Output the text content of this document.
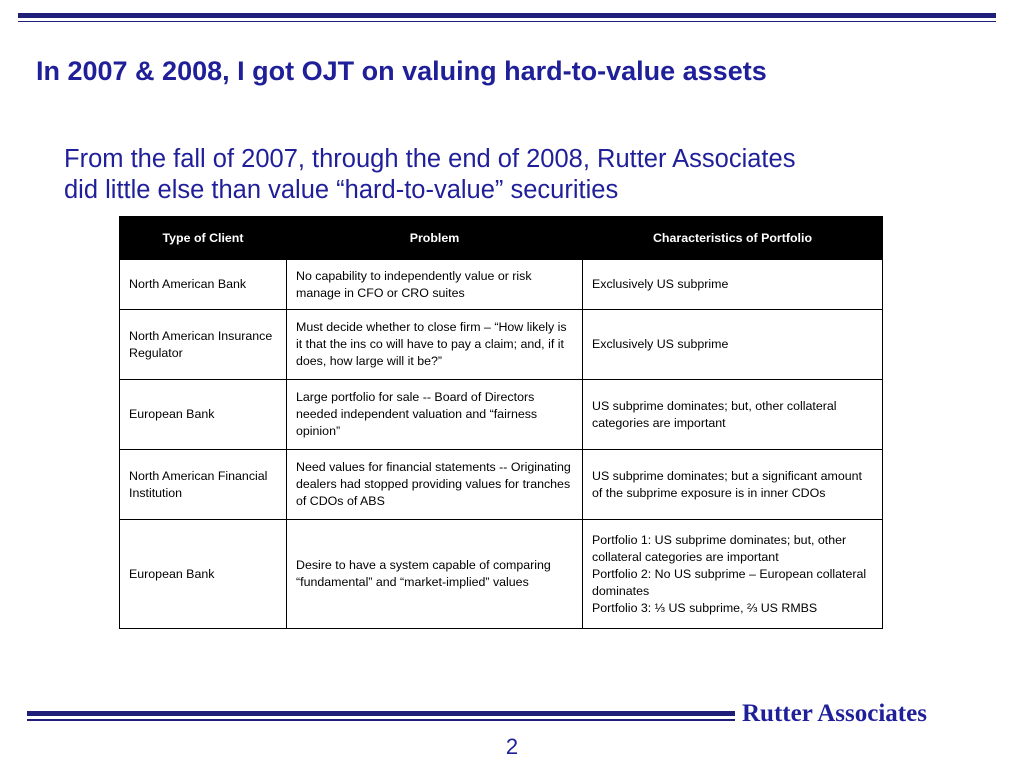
In 2007 & 2008, I got OJT on valuing hard-to-value assets

From the fall of 2007, through the end of 2008, Rutter Associates
did little else than value “hard-to-value” securities

Type of Client	Problem	Characteristics of Portfolio
North American Bank	No capability to independently value or risk manage in CFO or CRO suites	Exclusively US subprime

North American Insurance Regulator	Must decide whether to close firm – “How likely is it that the ins co will have to pay a claim; and, if it does, how large will it be?”	Exclusively US subprime

European Bank	Large portfolio for sale -- Board of Directors needed independent valuation and “fairness opinion”	US subprime dominates; but, other collateral categories are important

North American Financial Institution	Need values for financial statements -- Originating dealers had stopped providing values for tranches of CDOs of ABS	US subprime dominates; but a significant amount of the subprime exposure is in inner CDOs

European Bank	Desire to have a system capable of comparing “fundamental” and “market-implied” values	Portfolio 1: US subprime dominates; but, other collateral categories are important
Portfolio 2: No US subprime – European collateral dominates
Portfolio 3: ⅓ US subprime, ⅔ US RMBS
Rutter Associates
2
